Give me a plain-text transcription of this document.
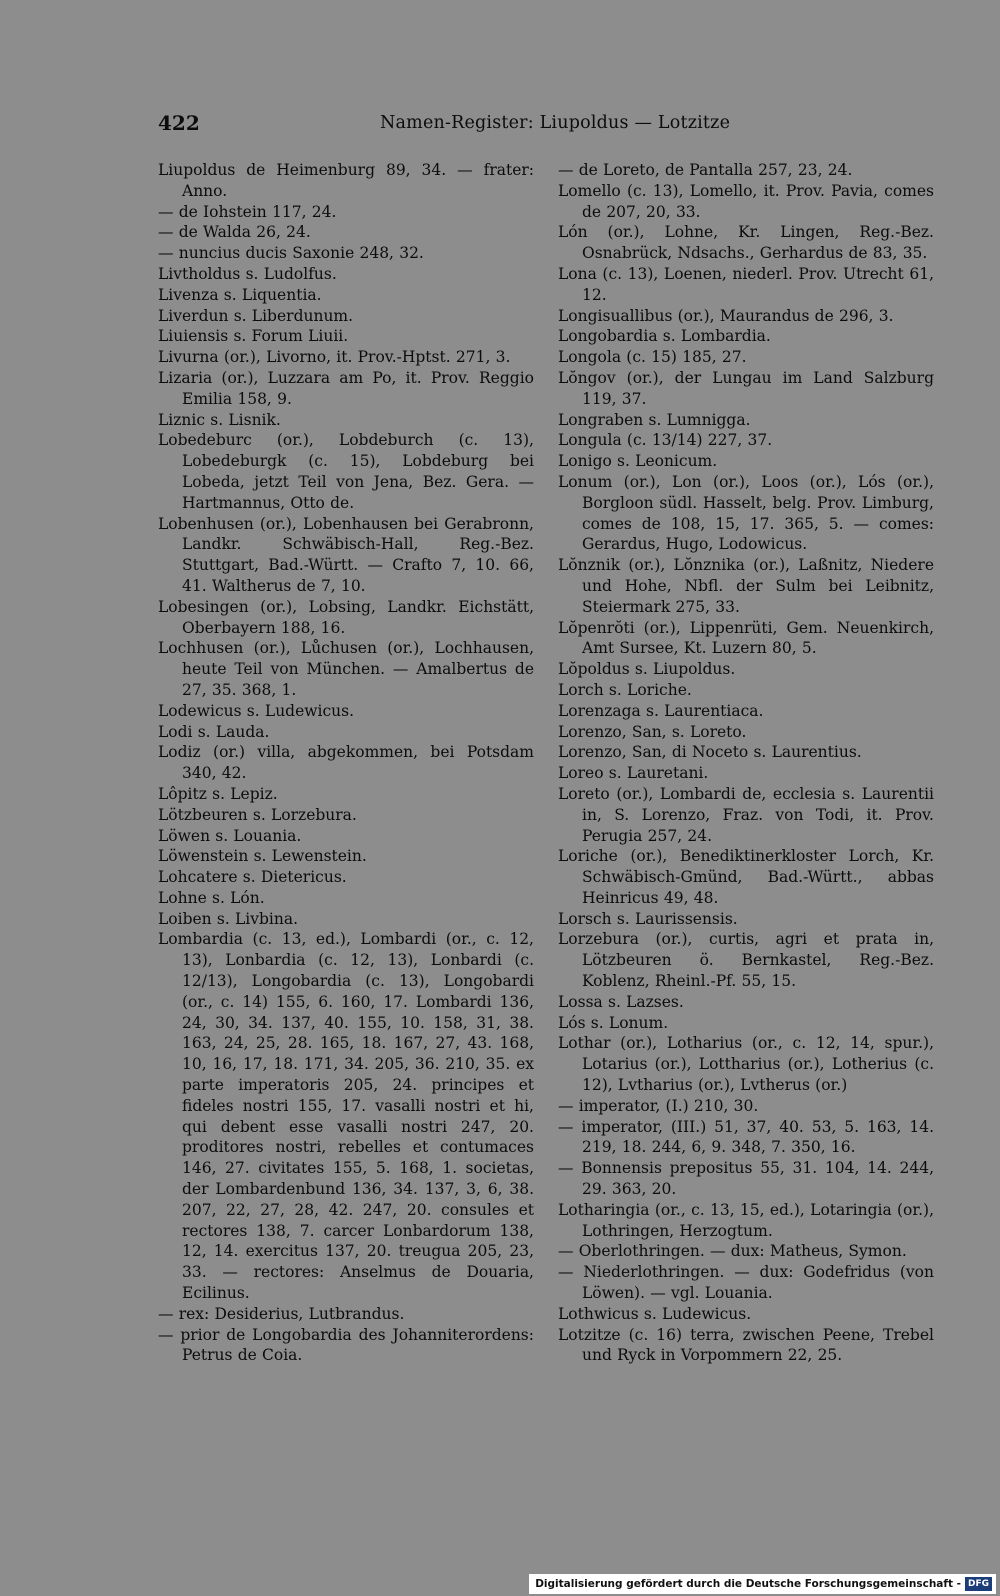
422	Namen-Register: Liupoldus — Lotzitze

Liupoldus de Heimenburg 89, 34. — frater: Anno.

— de Iohstein 117, 24.

— de Walda 26, 24.

— nuncius ducis Saxonie 248, 32.

Livtholdus s. Ludolfus.

Livenza s. Liquentia.

Liverdun s. Liberdunum.

Liuiensis s. Forum Liuii.

Livurna (or.), Livorno, it. Prov.-Hptst. 271, 3.

Lizaria (or.), Luzzara am Po, it. Prov. Reggio Emilia 158, 9.

Liznic s. Lisnik.

Lobedeburc (or.), Lobdeburch (c. 13), Lobedeburgk (c. 15), Lobdeburg bei Lobeda, jetzt Teil von Jena, Bez. Gera. — Hartmannus, Otto de.

Lobenhusen (or.), Lobenhausen bei Gerabronn, Landkr. Schwäbisch-Hall, Reg.-Bez. Stuttgart, Bad.-Württ. — Crafto 7, 10. 66, 41. Waltherus de 7, 10.

Lobesingen (or.), Lobsing, Landkr. Eichstätt, Oberbayern 188, 16.

Lochhusen (or.), Lůchusen (or.), Lochhausen, heute Teil von München. — Amalbertus de 27, 35. 368, 1.

Lodewicus s. Ludewicus.

Lodi s. Lauda.

Lodiz (or.) villa, abgekommen, bei Potsdam 340, 42.

Lôpitz s. Lepiz.

Lötzbeuren s. Lorzebura.

Löwen s. Louania.

Löwenstein s. Lewenstein.

Lohcatere s. Dietericus.

Lohne s. Lón.

Loiben s. Livbina.

Lombardia (c. 13, ed.), Lombardi (or., c. 12, 13), Lonbardia (c. 12, 13), Lonbardi (c. 12/13), Longobardia (c. 13), Longobardi (or., c. 14) 155, 6. 160, 17. Lombardi 136, 24, 30, 34. 137, 40. 155, 10. 158, 31, 38. 163, 24, 25, 28. 165, 18. 167, 27, 43. 168, 10, 16, 17, 18. 171, 34. 205, 36. 210, 35. ex parte imperatoris 205, 24. principes et fideles nostri 155, 17. vasalli nostri et hi, qui debent esse vasalli nostri 247, 20. proditores nostri, rebelles et contumaces 146, 27. civitates 155, 5. 168, 1. societas, der Lombardenbund 136, 34. 137, 3, 6, 38. 207, 22, 27, 28, 42. 247, 20. consules et rectores 138, 7. carcer Lonbardorum 138, 12, 14. exercitus 137, 20. treugua 205, 23, 33. — rectores: Anselmus de Douaria, Ecilinus.

— rex: Desiderius, Lutbrandus.

— prior de Longobardia des Johanniterordens: Petrus de Coia.

— de Loreto, de Pantalla 257, 23, 24.

Lomello (c. 13), Lomello, it. Prov. Pavia, comes de 207, 20, 33.

Lón (or.), Lohne, Kr. Lingen, Reg.-Bez. Osnabrück, Ndsachs., Gerhardus de 83, 35.

Lona (c. 13), Loenen, niederl. Prov. Utrecht 61, 12.

Longisuallibus (or.), Maurandus de 296, 3.

Longobardia s. Lombardia.

Longola (c. 15) 185, 27.

Lŏngov (or.), der Lungau im Land Salzburg 119, 37.

Longraben s. Lumnigga.

Longula (c. 13/14) 227, 37.

Lonigo s. Leonicum.

Lonum (or.), Lon (or.), Loos (or.), Lós (or.), Borgloon südl. Hasselt, belg. Prov. Limburg, comes de 108, 15, 17. 365, 5. — comes: Gerardus, Hugo, Lodowicus.

Lŏnznik (or.), Lŏnznika (or.), Laßnitz, Niedere und Hohe, Nbfl. der Sulm bei Leibnitz, Steiermark 275, 33.

Lŏpenrŏti (or.), Lippenrüti, Gem. Neuenkirch, Amt Sursee, Kt. Luzern 80, 5.

Lŏpoldus s. Liupoldus.

Lorch s. Loriche.

Lorenzaga s. Laurentiaca.

Lorenzo, San, s. Loreto.

Lorenzo, San, di Noceto s. Laurentius.

Loreo s. Lauretani.

Loreto (or.), Lombardi de, ecclesia s. Laurentii in, S. Lorenzo, Fraz. von Todi, it. Prov. Perugia 257, 24.

Loriche (or.), Benediktinerkloster Lorch, Kr. Schwäbisch-Gmünd, Bad.-Württ., abbas Heinricus 49, 48.

Lorsch s. Laurissensis.

Lorzebura (or.), curtis, agri et prata in, Lötzbeuren ö. Bernkastel, Reg.-Bez. Koblenz, Rheinl.-Pf. 55, 15.

Lossa s. Lazses.

Lós s. Lonum.

Lothar (or.), Lotharius (or., c. 12, 14, spur.), Lotarius (or.), Lottharius (or.), Lotherius (c. 12), Lvtharius (or.), Lvtherus (or.)

— imperator, (I.) 210, 30.

— imperator, (III.) 51, 37, 40. 53, 5. 163, 14. 219, 18. 244, 6, 9. 348, 7. 350, 16.

— Bonnensis prepositus 55, 31. 104, 14. 244, 29. 363, 20.

Lotharingia (or., c. 13, 15, ed.), Lotaringia (or.), Lothringen, Herzogtum.

— Oberlothringen. — dux: Matheus, Symon.

— Niederlothringen. — dux: Godefridus (von Löwen). — vgl. Louania.

Lothwicus s. Ludewicus.

Lotzitze (c. 16) terra, zwischen Peene, Trebel und Ryck in Vorpommern 22, 25.

Digitalisierung gefördert durch die Deutsche Forschungsgemeinschaft - DFG
